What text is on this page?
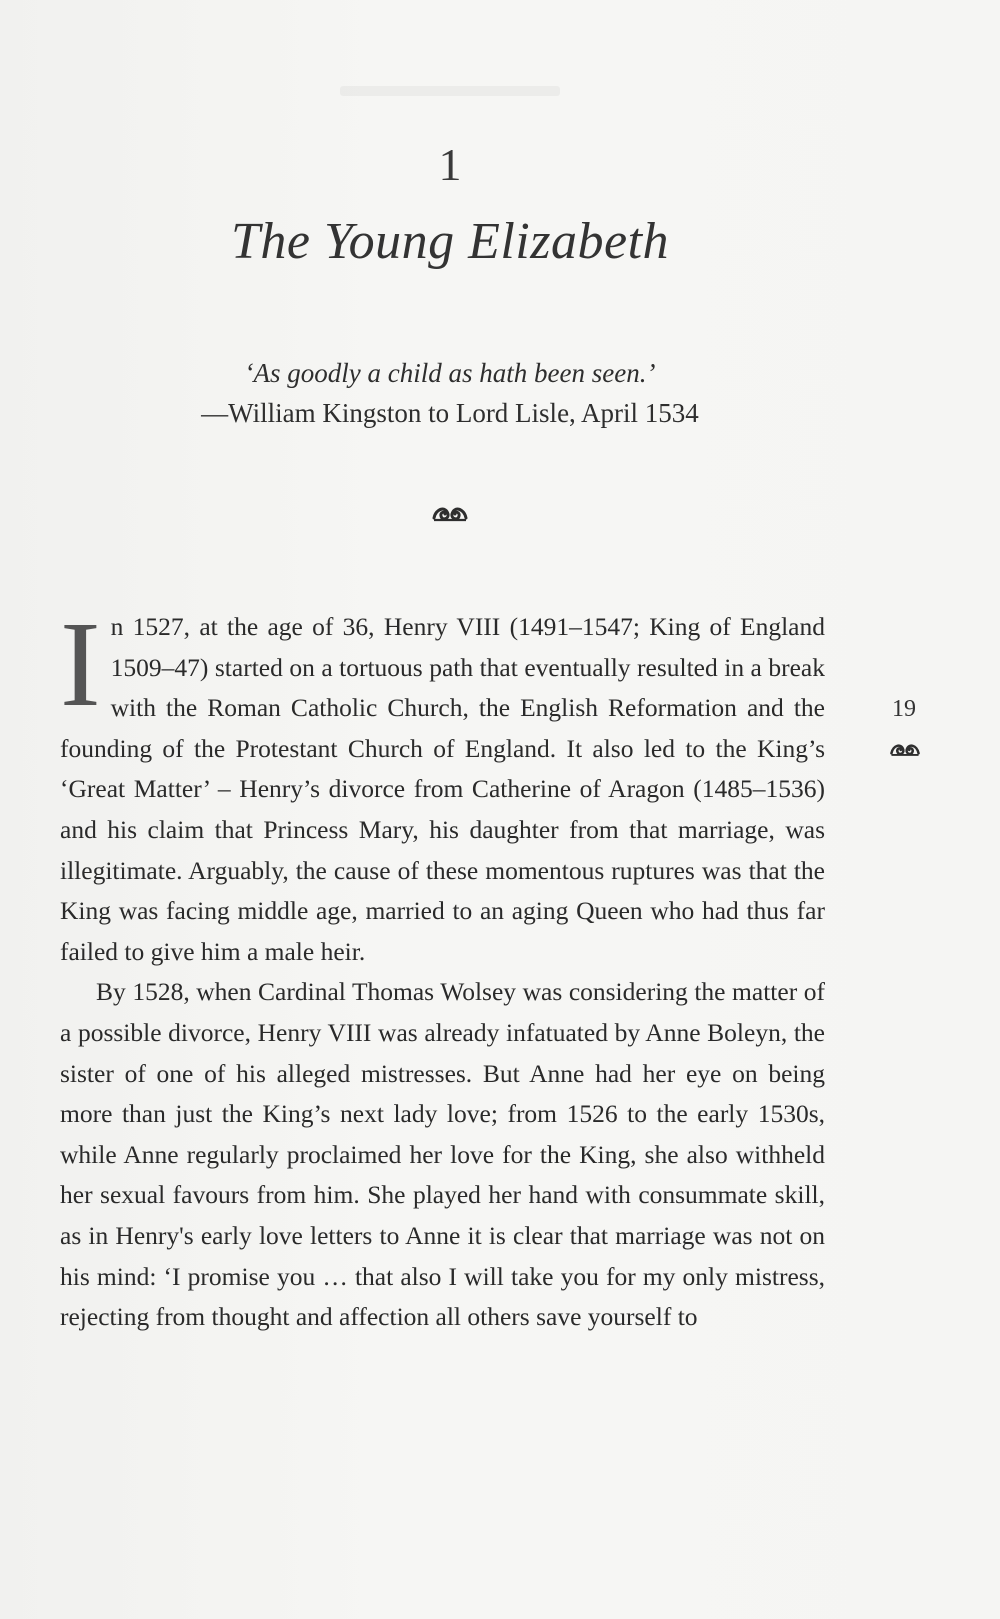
1
The Young Elizabeth
‘As goodly a child as hath been seen.’
—William Kingston to Lord Lisle, April 1534

In 1527, at the age of 36, Henry VIII (1491–1547; King of England 1509–47) started on a tortuous path that eventually resulted in a break with the Roman Catholic Church, the English Reformation and the founding of the Protestant Church of England. It also led to the King’s ‘Great Matter’ – Henry’s divorce from Catherine of Aragon (1485–1536) and his claim that Princess Mary, his daughter from that marriage, was illegitimate. Arguably, the cause of these momentous ruptures was that the King was facing middle age, married to an aging Queen who had thus far failed to give him a male heir.

By 1528, when Cardinal Thomas Wolsey was considering the matter of a possible divorce, Henry VIII was already infatuated by Anne Boleyn, the sister of one of his alleged mistresses. But Anne had her eye on being more than just the King’s next lady love; from 1526 to the early 1530s, while Anne regularly proclaimed her love for the King, she also withheld her sexual favours from him. She played her hand with consummate skill, as in Henry's early love letters to Anne it is clear that marriage was not on his mind: ‘I promise you … that also I will take you for my only mistress, rejecting from thought and affection all others save yourself to

19
